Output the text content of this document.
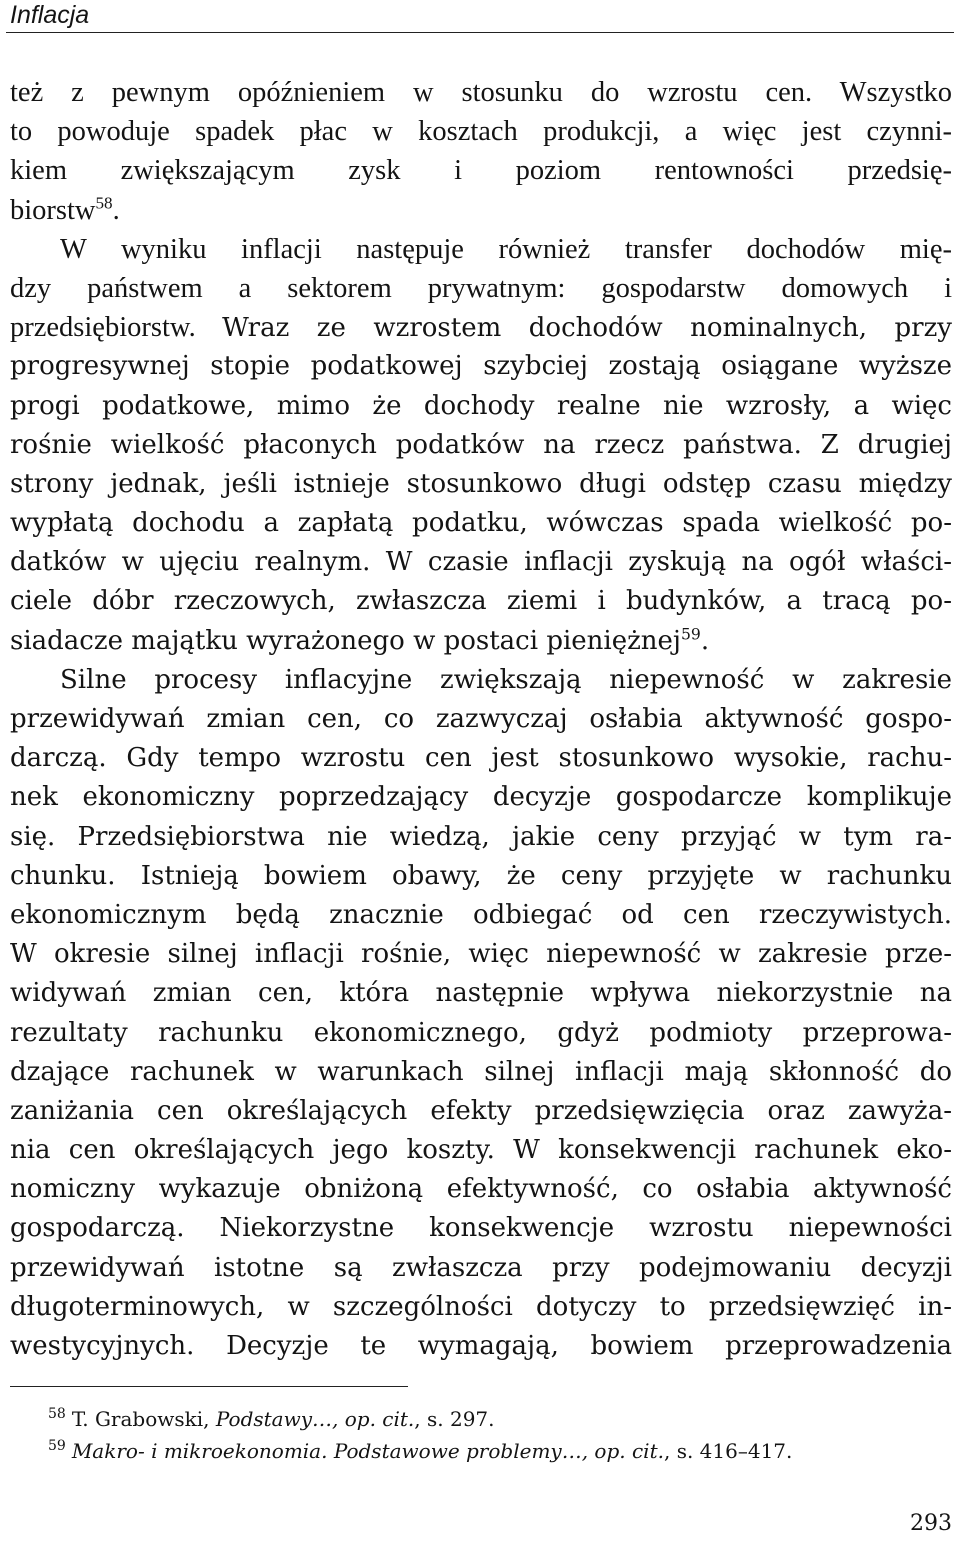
Inflacja
też z pewnym opóźnieniem w stosunku do wzrostu cen. Wszystko
to powoduje spadek płac w kosztach produkcji, a więc jest czynni-
kiem zwiększającym zysk i poziom rentowności przedsię-
biorstw$^{58}$.
W wyniku inflacji następuje również transfer dochodów mię-
dzy państwem a sektorem prywatnym: gospodarstw domowych i
przedsiębiorstw. Wraz ze wzrostem dochodów nominalnych, przy
progresywnej stopie podatkowej szybciej zostają osiągane wyższe
progi podatkowe, mimo że dochody realne nie wzrosły, a więc
rośnie wielkość płaconych podatków na rzecz państwa. Z drugiej
strony jednak, jeśli istnieje stosunkowo długi odstęp czasu między
wypłatą dochodu a zapłatą podatku, wówczas spada wielkość po-
datków w ujęciu realnym. W czasie inflacji zyskują na ogół właści-
ciele dóbr rzeczowych, zwłaszcza ziemi i budynków, a tracą po-
siadacze majątku wyrażonego w postaci pieniężnej$^{59}$.
Silne procesy inflacyjne zwiększają niepewność w zakresie
przewidywań zmian cen, co zazwyczaj osłabia aktywność gospo-
darczą. Gdy tempo wzrostu cen jest stosunkowo wysokie, rachu-
nek ekonomiczny poprzedzający decyzje gospodarcze komplikuje
się. Przedsiębiorstwa nie wiedzą, jakie ceny przyjąć w tym ra-
chunku. Istnieją bowiem obawy, że ceny przyjęte w rachunku
ekonomicznym będą znacznie odbiegać od cen rzeczywistych.
W okresie silnej inflacji rośnie, więc niepewność w zakresie prze-
widywań zmian cen, która następnie wpływa niekorzystnie na
rezultaty rachunku ekonomicznego, gdyż podmioty przeprowa-
dzające rachunek w warunkach silnej inflacji mają skłonność do
zaniżania cen określających efekty przedsięwzięcia oraz zawyża-
nia cen określających jego koszty. W konsekwencji rachunek eko-
nomiczny wykazuje obniżoną efektywność, co osłabia aktywność
gospodarczą. Niekorzystne konsekwencje wzrostu niepewności
przewidywań istotne są zwłaszcza przy podejmowaniu decyzji
długoterminowych, w szczególności dotyczy to przedsięwzięć in-
westycyjnych. Decyzje te wymagają, bowiem przeprowadzenia
$^{58}$ T. Grabowski, Podstawy…, op. cit., s. 297.
$^{59}$ Makro- i mikroekonomia. Podstawowe problemy…, op. cit., s. 416–417.

293
